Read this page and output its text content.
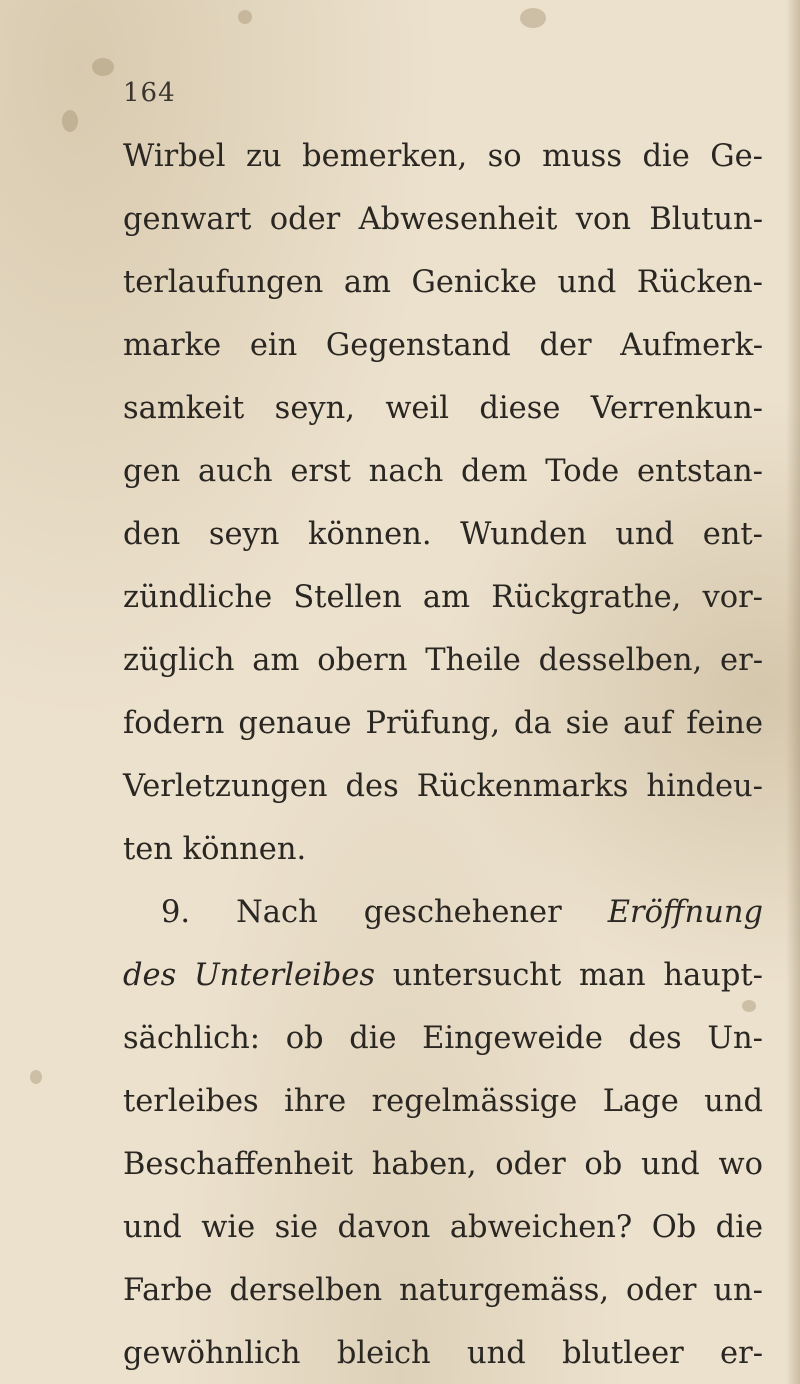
164
Wirbel zu bemerken, so muss die Ge-
genwart oder Abwesenheit von Blutun-
terlaufungen am Genicke und Rücken-
marke ein Gegenstand der Aufmerk-
samkeit seyn, weil diese Verrenkun-
gen auch erst nach dem Tode entstan-
den seyn können. Wunden und ent-
zündliche Stellen am Rückgrathe, vor-
züglich am obern Theile desselben, er-
fodern genaue Prüfung, da sie auf feine
Verletzungen des Rückenmarks hindeu-
ten können.
9. Nach geschehener Eröffnung
des Unterleibes untersucht man haupt-
sächlich: ob die Eingeweide des Un-
terleibes ihre regelmässige Lage und
Beschaffenheit haben, oder ob und wo
und wie sie davon abweichen? Ob die
Farbe derselben naturgemäss, oder un-
gewöhnlich bleich und blutleer er-
